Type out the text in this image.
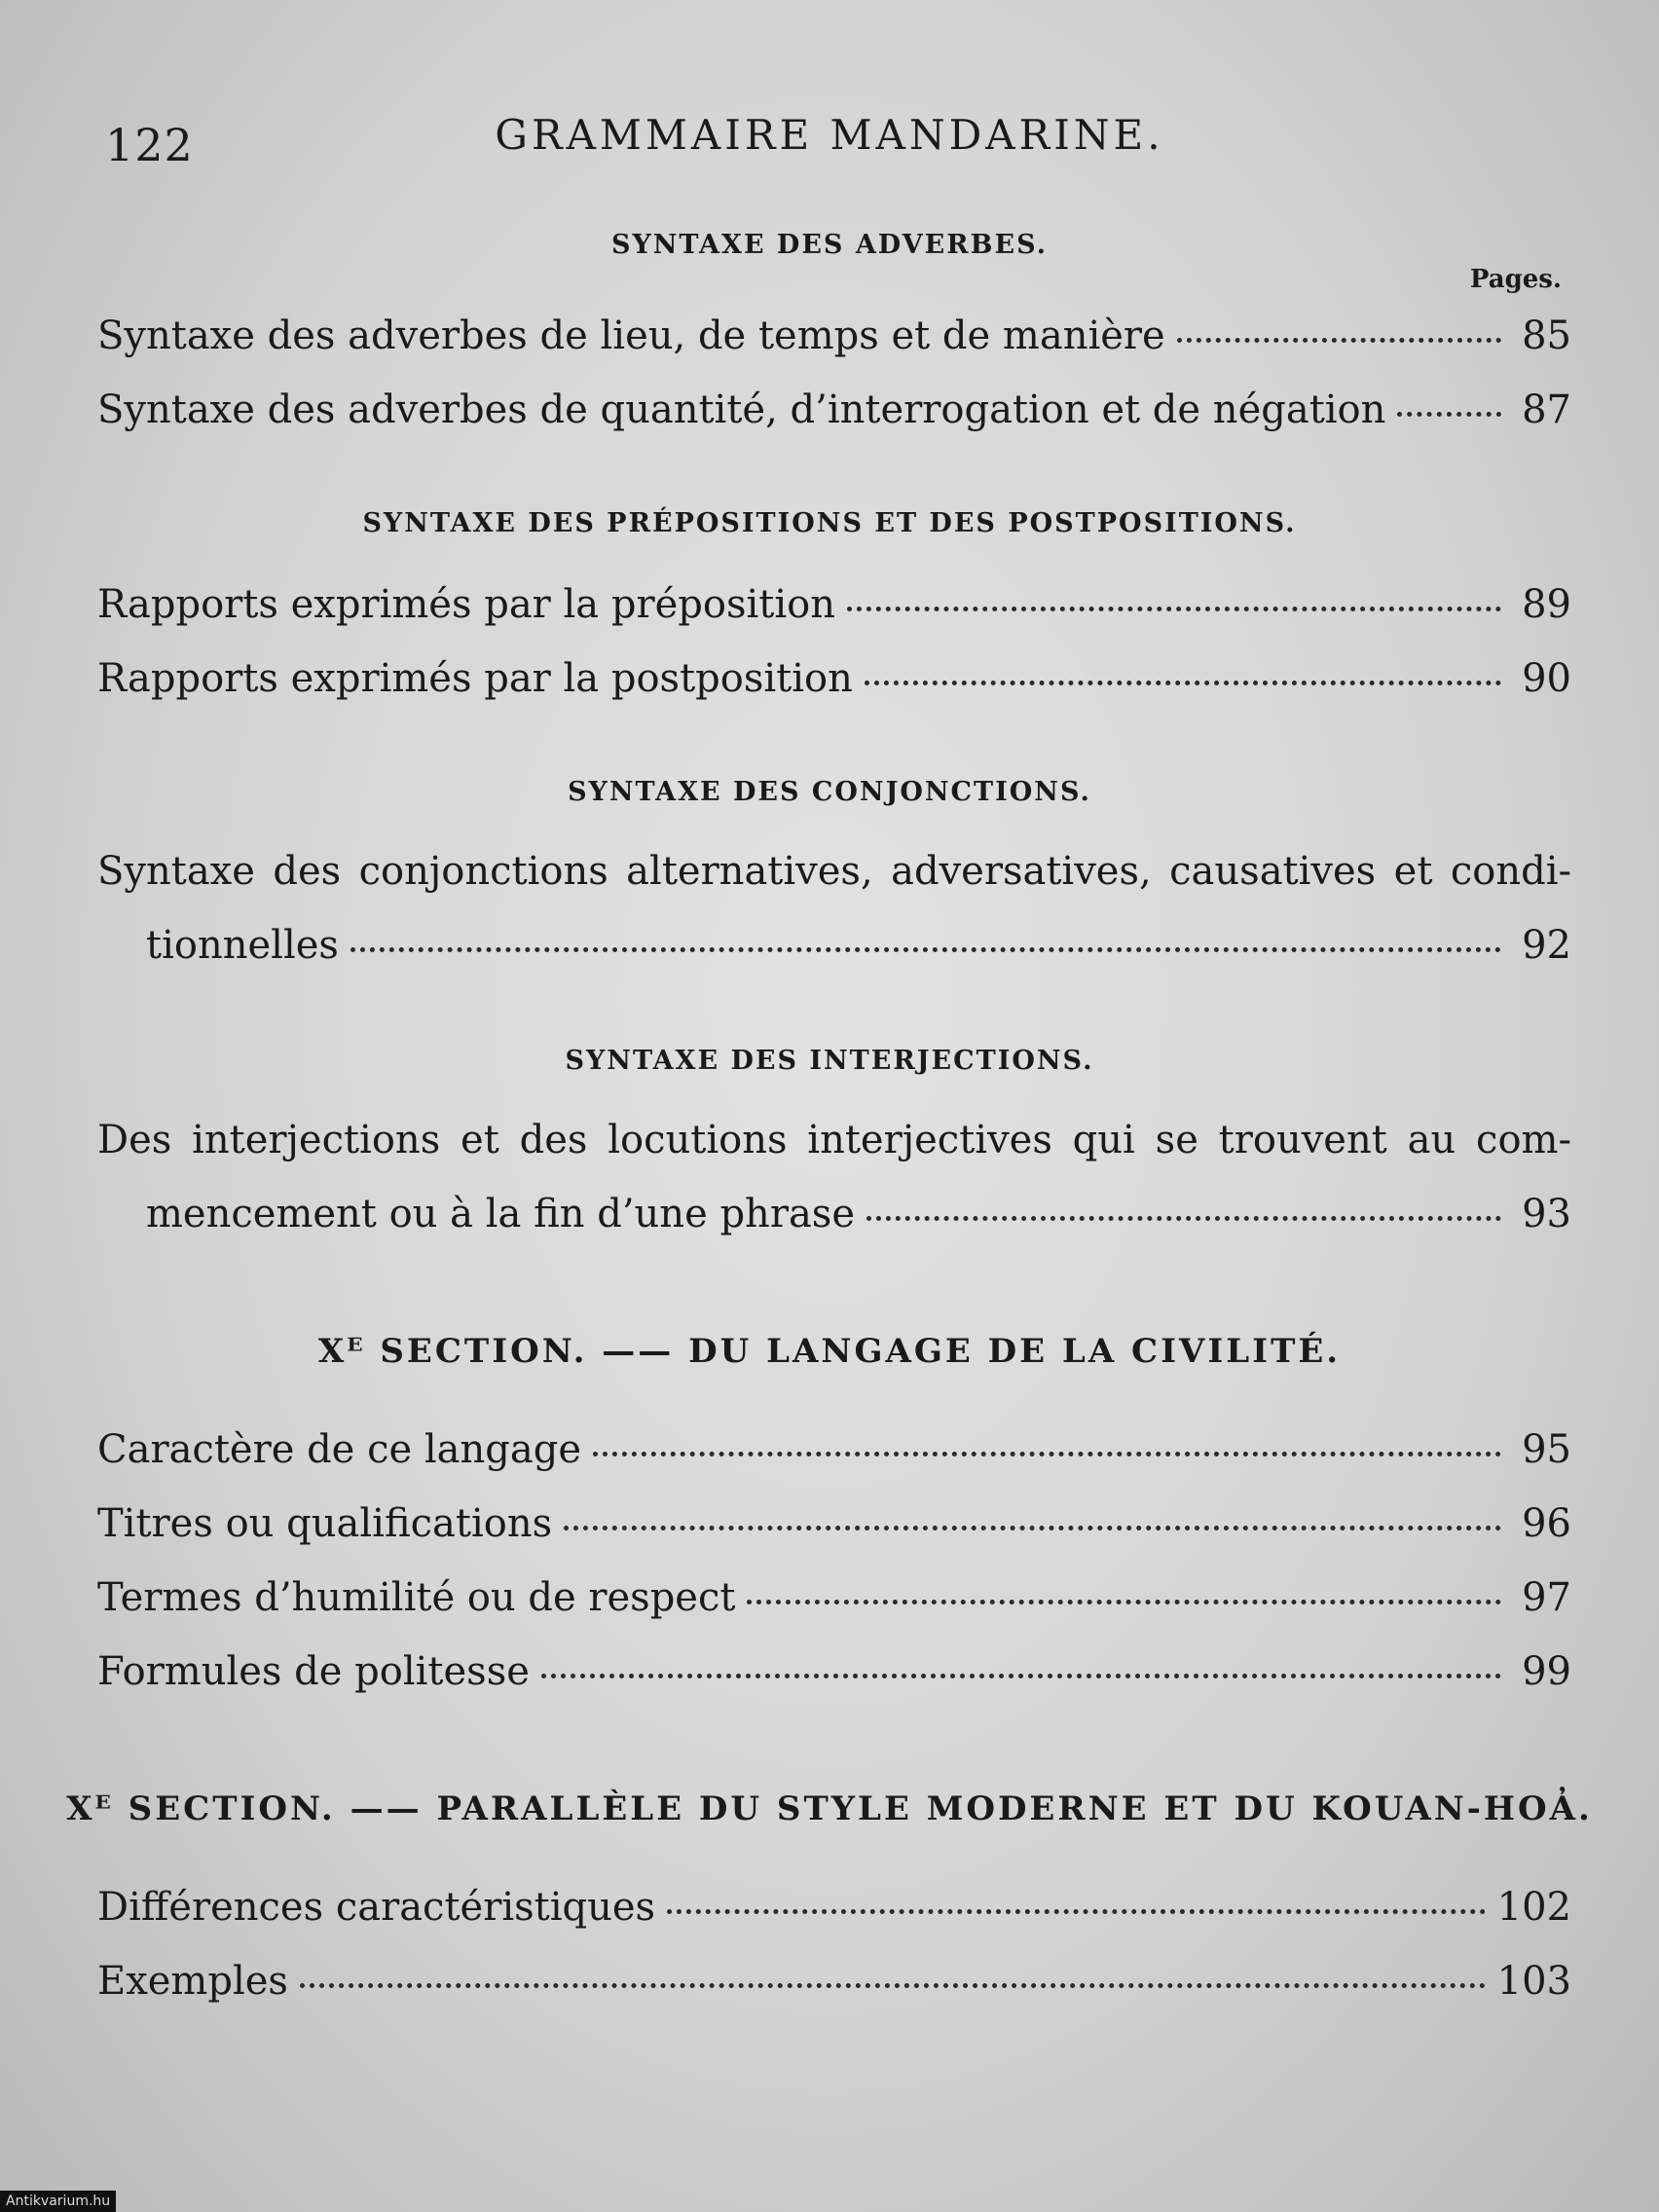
122	GRAMMAIRE MANDARINE.
SYNTAXE DES ADVERBES.
Pages.
Syntaxe des adverbes de lieu, de temps et de manière	85
Syntaxe des adverbes de quantité, d’interrogation et de négation	87
SYNTAXE DES PRÉPOSITIONS ET DES POSTPOSITIONS.
Rapports exprimés par la préposition	89
Rapports exprimés par la postposition	90
SYNTAXE DES CONJONCTIONS.
Syntaxe des conjonctions alternatives, adversatives, causatives et condi-
tionnelles	92
SYNTAXE DES INTERJECTIONS.
Des interjections et des locutions interjectives qui se trouvent au com-
mencement ou à la fin d’une phrase	93
Xᴱ SECTION. —— DU LANGAGE DE LA CIVILITÉ.
Caractère de ce langage	95
Titres ou qualifications	96
Termes d’humilité ou de respect	97
Formules de politesse	99
Xᴱ SECTION. —— PARALLÈLE DU STYLE MODERNE ET DU KOUAN-HOA̓.
Différences caractéristiques	102
Exemples	103
Antikvarium.hu
